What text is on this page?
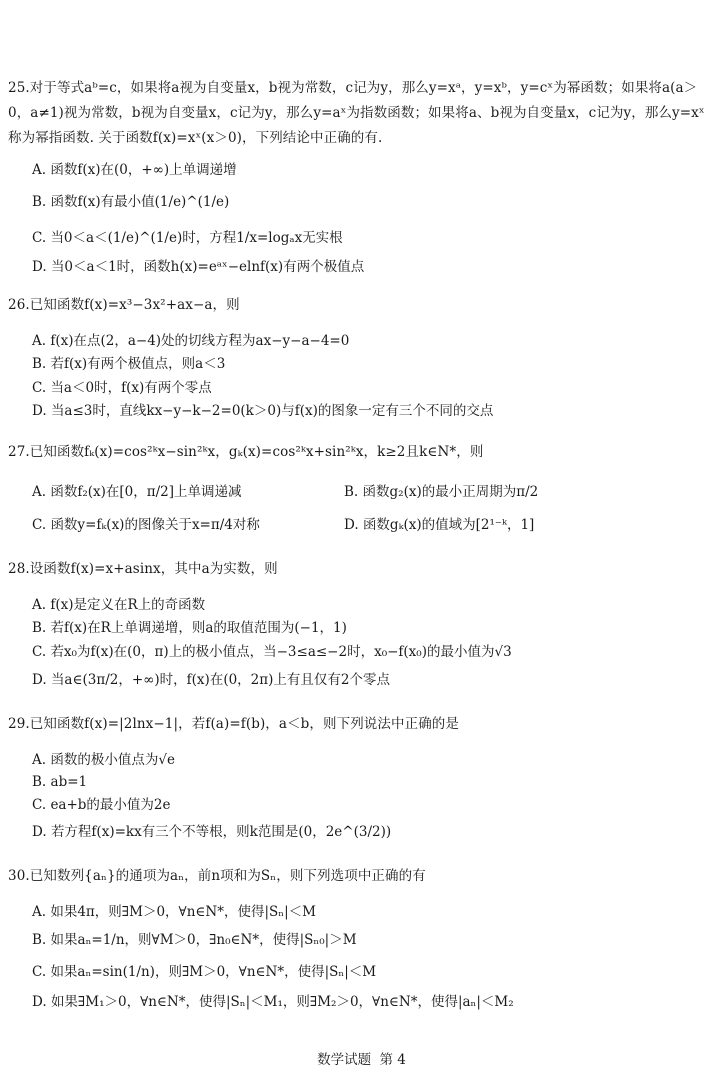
25.对于等式aᵇ=c，如果将a视为自变量x，b视为常数，c记为y，那么y=xᵃ，y=xᵇ，y=cˣ为幂函数；如果将a(a＞0，a≠1)视为常数，b视为自变量x，c记为y，那么y=aˣ为指数函数；如果将a、b视为自变量x，c记为y，那么y=xˣ称为幂指函数. 关于函数f(x)=xˣ(x＞0)，下列结论中正确的有.

A. 函数f(x)在(0，+∞)上单调递增
B. 函数f(x)有最小值(1/e)^(1/e)
C. 当0＜a＜(1/e)^(1/e)时，方程1/x=logₐx无实根
D. 当0＜a＜1时，函数h(x)=eᵃˣ−elnf(x)有两个极值点

26.已知函数f(x)=x³−3x²+ax−a，则

A. f(x)在点(2，a−4)处的切线方程为ax−y−a−4=0
B. 若f(x)有两个极值点，则a＜3
C. 当a＜0时，f(x)有两个零点
D. 当a≤3时，直线kx−y−k−2=0(k＞0)与f(x)的图象一定有三个不同的交点

27.已知函数fₖ(x)=cos²ᵏx−sin²ᵏx，gₖ(x)=cos²ᵏx+sin²ᵏx，k≥2且k∈N*，则

A. 函数f₂(x)在[0，π/2]上单调递减	B. 函数g₂(x)的最小正周期为π/2
C. 函数y=fₖ(x)的图像关于x=π/4对称	D. 函数gₖ(x)的值域为[2¹⁻ᵏ，1]

28.设函数f(x)=x+asinx，其中a为实数，则

A. f(x)是定义在R上的奇函数
B. 若f(x)在R上单调递增，则a的取值范围为(−1，1)
C. 若x₀为f(x)在(0，π)上的极小值点，当−3≤a≤−2时，x₀−f(x₀)的最小值为√3
D. 当a∈(3π/2，+∞)时，f(x)在(0，2π)上有且仅有2个零点

29.已知函数f(x)=|2lnx−1|，若f(a)=f(b)，a＜b，则下列说法中正确的是

A. 函数的极小值点为√e
B. ab=1
C. ea+b的最小值为2e
D. 若方程f(x)=kx有三个不等根，则k范围是(0，2e^(3/2))

30.已知数列{aₙ}的通项为aₙ，前n项和为Sₙ，则下列选项中正确的有

A. 如果4π，则∃M＞0，∀n∈N*，使得|Sₙ|＜M
B. 如果aₙ=1/n，则∀M＞0，∃n₀∈N*，使得|Sₙ₀|＞M
C. 如果aₙ=sin(1/n)，则∃M＞0，∀n∈N*，使得|Sₙ|＜M
D. 如果∃M₁＞0，∀n∈N*，使得|Sₙ|＜M₁，则∃M₂＞0，∀n∈N*，使得|aₙ|＜M₂
数学试题 第 4
